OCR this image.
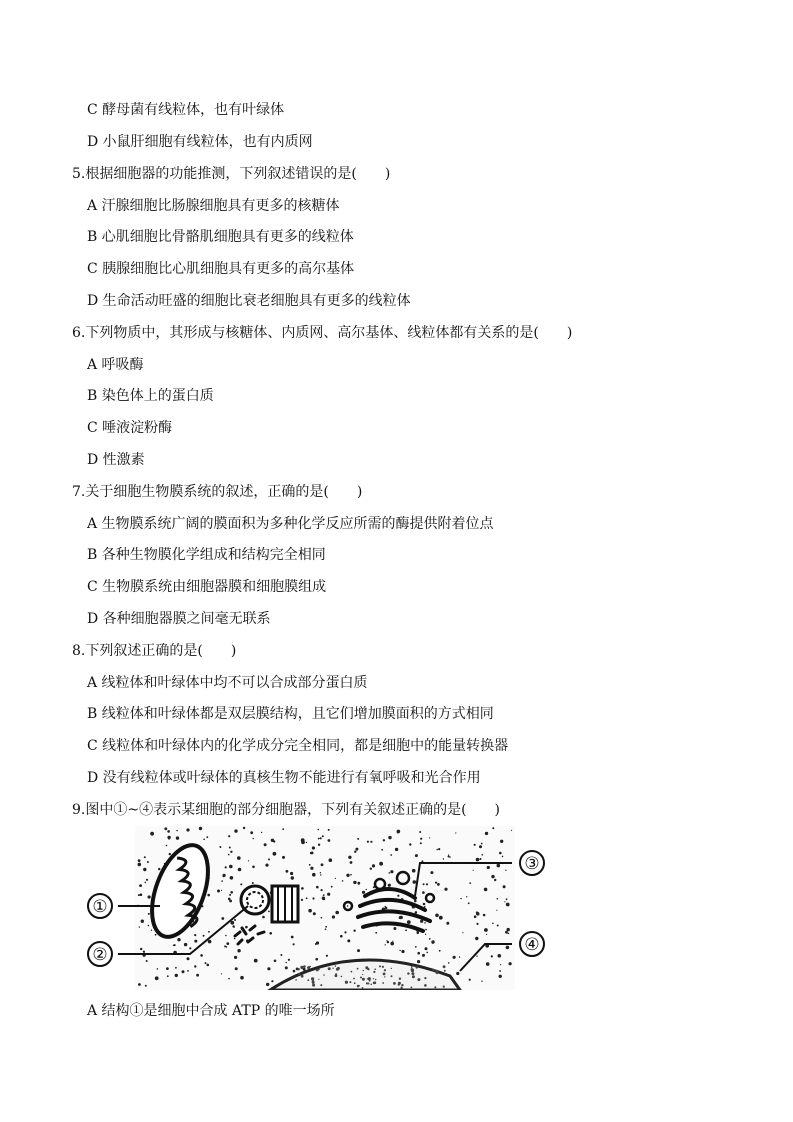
C 酵母菌有线粒体，也有叶绿体
D 小鼠肝细胞有线粒体，也有内质网
5.根据细胞器的功能推测，下列叙述错误的是(　　)
A 汗腺细胞比肠腺细胞具有更多的核糖体
B 心肌细胞比骨骼肌细胞具有更多的线粒体
C 胰腺细胞比心肌细胞具有更多的高尔基体
D 生命活动旺盛的细胞比衰老细胞具有更多的线粒体
6.下列物质中，其形成与核糖体、内质网、高尔基体、线粒体都有关系的是(　　)
A 呼吸酶
B 染色体上的蛋白质
C 唾液淀粉酶
D 性激素
7.关于细胞生物膜系统的叙述，正确的是(　　)
A 生物膜系统广阔的膜面积为多种化学反应所需的酶提供附着位点
B 各种生物膜化学组成和结构完全相同
C 生物膜系统由细胞器膜和细胞膜组成
D 各种细胞器膜之间毫无联系
8.下列叙述正确的是(　　)
A 线粒体和叶绿体中均不可以合成部分蛋白质
B 线粒体和叶绿体都是双层膜结构，且它们增加膜面积的方式相同
C 线粒体和叶绿体内的化学成分完全相同，都是细胞中的能量转换器
D 没有线粒体或叶绿体的真核生物不能进行有氧呼吸和光合作用
9.图中①~④表示某细胞的部分细胞器，下列有关叙述正确的是(　　)
A 结构①是细胞中合成 ATP 的唯一场所
①
②
③
④
